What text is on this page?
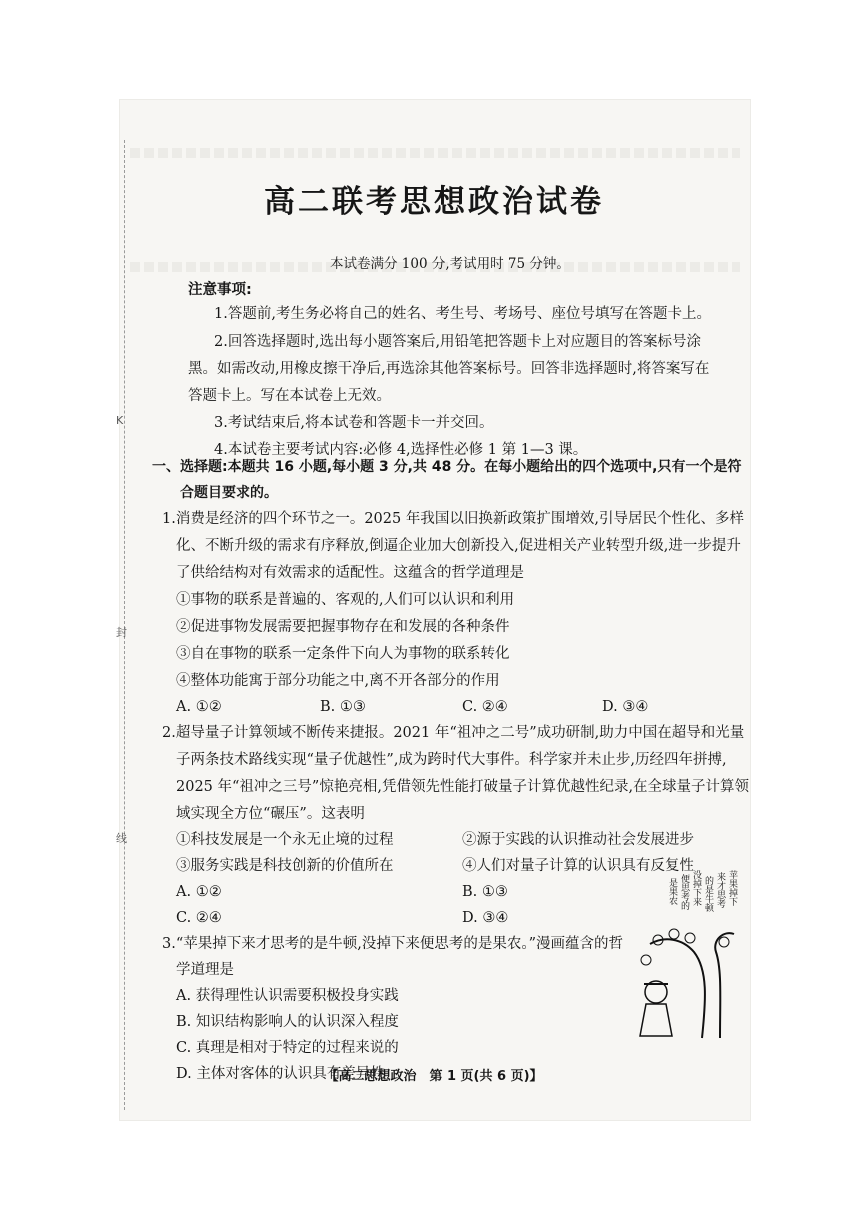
K
封
线
高二联考思想政治试卷
本试卷满分 100 分,考试用时 75 分钟。
注意事项:
1.答题前,考生务必将自己的姓名、考生号、考场号、座位号填写在答题卡上。
2.回答选择题时,选出每小题答案后,用铅笔把答题卡上对应题目的答案标号涂
黑。如需改动,用橡皮擦干净后,再选涂其他答案标号。回答非选择题时,将答案写在
答题卡上。写在本试卷上无效。
3.考试结束后,将本试卷和答题卡一并交回。
4.本试卷主要考试内容:必修 4,选择性必修 1 第 1—3 课。
一、选择题:本题共 16 小题,每小题 3 分,共 48 分。在每小题给出的四个选项中,只有一个是符
合题目要求的。
1.消费是经济的四个环节之一。2025 年我国以旧换新政策扩围增效,引导居民个性化、多样
化、不断升级的需求有序释放,倒逼企业加大创新投入,促进相关产业转型升级,进一步提升
了供给结构对有效需求的适配性。这蕴含的哲学道理是
①事物的联系是普遍的、客观的,人们可以认识和利用
②促进事物发展需要把握事物存在和发展的各种条件
③自在事物的联系一定条件下向人为事物的联系转化
④整体功能寓于部分功能之中,离不开各部分的作用
A. ①②	B. ①③	C. ②④	D. ③④
2.超导量子计算领域不断传来捷报。2021 年“祖冲之二号”成功研制,助力中国在超导和光量
子两条技术路线实现“量子优越性”,成为跨时代大事件。科学家并未止步,历经四年拼搏,
2025 年“祖冲之三号”惊艳亮相,凭借领先性能打破量子计算优越性纪录,在全球量子计算领
域实现全方位“碾压”。这表明
①科技发展是一个永无止境的过程	②源于实践的认识推动社会发展进步
③服务实践是科技创新的价值所在	④人们对量子计算的认识具有反复性
A. ①②	B. ①③
C. ②④	D. ③④
3.“苹果掉下来才思考的是牛顿,没掉下来便思考的是果农。”漫画蕴含的哲
学道理是
A. 获得理性认识需要积极投身实践
B. 知识结构影响人的认识深入程度
C. 真理是相对于特定的过程来说的
D. 主体对客体的认识具有差异性
苹果掉下
来才思考
的是牛顿
没掉下来
便思考的
是果农
【高二思想政治　第 1 页(共 6 页)】
